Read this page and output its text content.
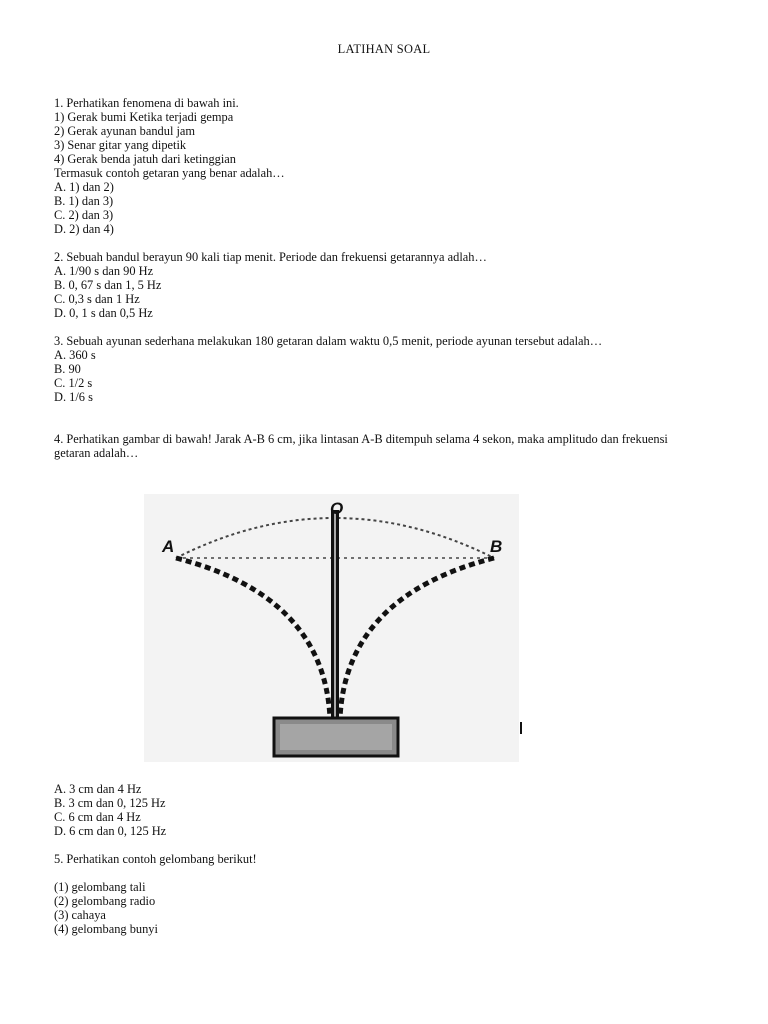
LATIHAN SOAL
1. Perhatikan fenomena di bawah ini.
1) Gerak bumi Ketika terjadi gempa
2) Gerak ayunan bandul jam
3) Senar gitar yang dipetik
4) Gerak benda jatuh dari ketinggian
Termasuk contoh getaran yang benar adalah…
A. 1) dan 2)
B. 1) dan 3)
C. 2) dan 3)
D. 2) dan 4)
2. Sebuah bandul berayun 90 kali tiap menit. Periode dan frekuensi getarannya adlah…
A. 1/90 s dan 90 Hz
B. 0, 67 s dan 1, 5 Hz
C. 0,3 s dan 1 Hz
D. 0, 1 s dan 0,5 Hz
3. Sebuah ayunan sederhana melakukan 180 getaran dalam waktu 0,5 menit, periode ayunan tersebut adalah…
A. 360 s
B. 90
C. 1/2 s
D. 1/6 s
4. Perhatikan gambar di bawah! Jarak A-B 6 cm, jika lintasan A-B ditempuh selama 4 sekon, maka amplitudo dan frekuensi getaran adalah…
A	B
O
A. 3 cm dan 4 Hz
B. 3 cm dan 0, 125 Hz
C. 6 cm dan 4 Hz
D. 6 cm dan 0, 125 Hz
5. Perhatikan contoh gelombang berikut!
(1) gelombang tali
(2) gelombang radio
(3) cahaya
(4) gelombang bunyi
